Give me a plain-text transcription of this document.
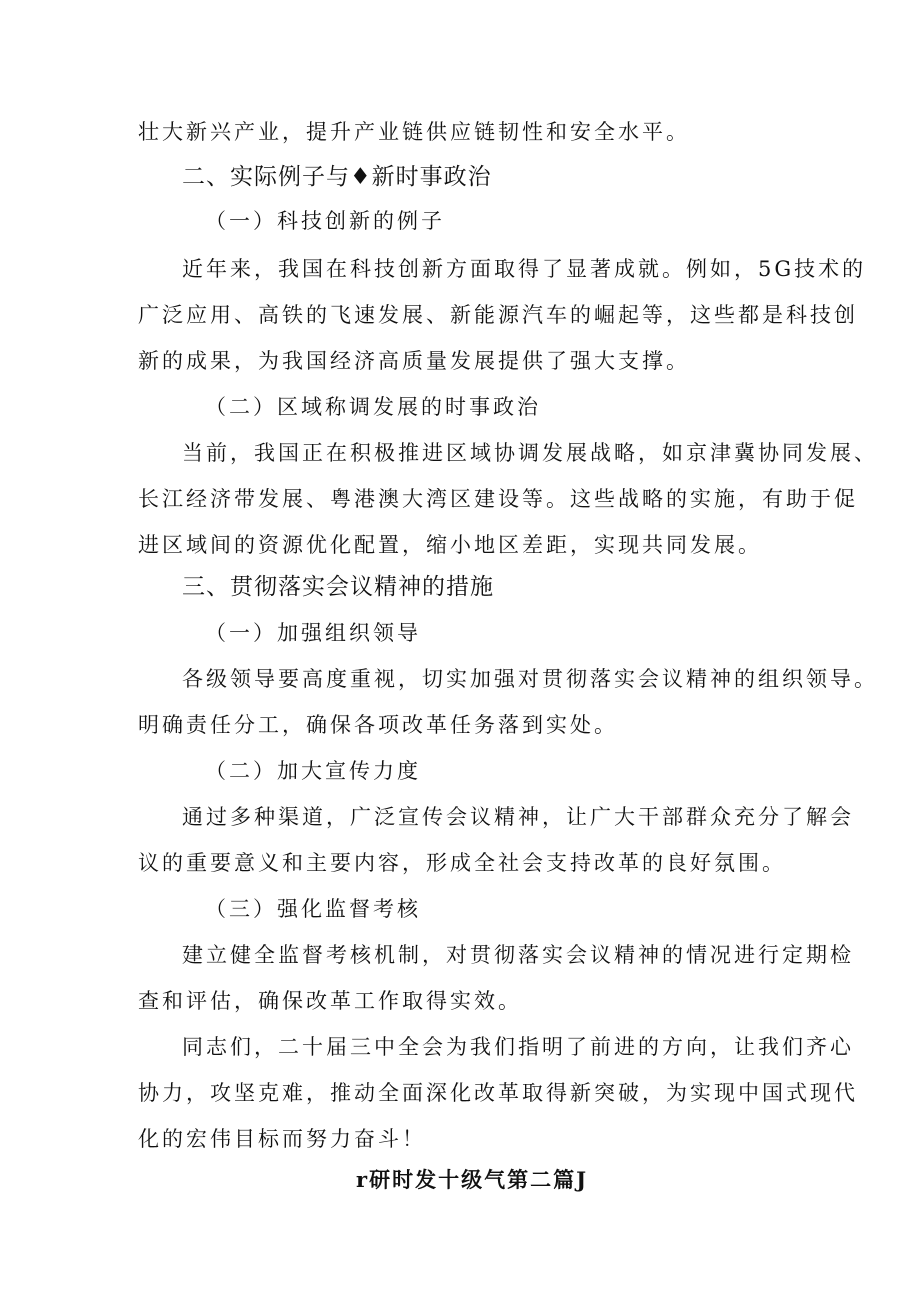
壮大新兴产业，提升产业链供应链韧性和安全水平。
二、实际例子与♦新时事政治
（一）科技创新的例子
近年来，我国在科技创新方面取得了显著成就。例如，5G技术的
广泛应用、高铁的飞速发展、新能源汽车的崛起等，这些都是科技创
新的成果，为我国经济高质量发展提供了强大支撑。
（二）区域称调发展的时事政治
当前，我国正在积极推进区域协调发展战略，如京津冀协同发展、
长江经济带发展、粤港澳大湾区建设等。这些战略的实施，有助于促
进区域间的资源优化配置，缩小地区差距，实现共同发展。
三、贯彻落实会议精神的措施
（一）加强组织领导
各级领导要高度重视，切实加强对贯彻落实会议精神的组织领导。
明确责任分工，确保各项改革任务落到实处。
（二）加大宣传力度
通过多种渠道，广泛宣传会议精神，让广大干部群众充分了解会
议的重要意义和主要内容，形成全社会支持改革的良好氛围。
（三）强化监督考核
建立健全监督考核机制，对贯彻落实会议精神的情况进行定期检
查和评估，确保改革工作取得实效。
同志们，二十届三中全会为我们指明了前进的方向，让我们齐心
协力，攻坚克难，推动全面深化改革取得新突破，为实现中国式现代
化的宏伟目标而努力奋斗！
r研时发十级气第二篇J
